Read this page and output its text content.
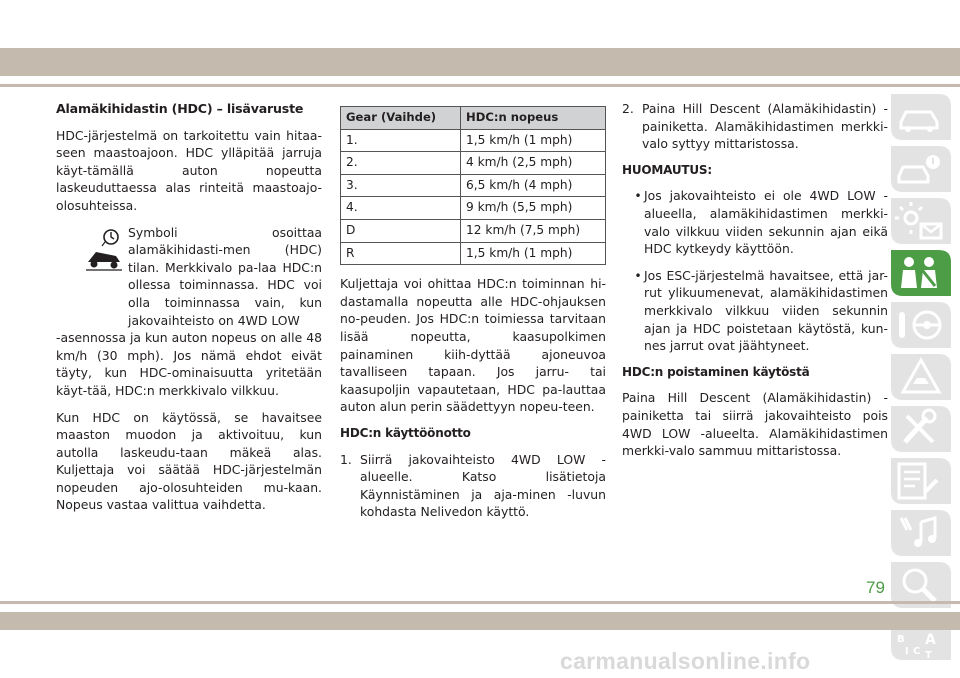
Alamäkihidastin (HDC) – lisävaruste

HDC-järjestelmä on tarkoitettu vain hitaa-seen maastoajoon. HDC ylläpitää jarruja käyt-tämällä auton nopeutta laskeuduttaessa alas rinteitä maastoajo-olosuhteissa.

Symboli osoittaa alamäkihidasti-men (HDC) tilan. Merkkivalo pa-laa HDC:n ollessa toiminnassa. HDC voi olla toiminnassa vain, kun jakovaihteisto on 4WD LOW

-asennossa ja kun auton nopeus on alle 48 km/h (30 mph). Jos nämä ehdot eivät täyty, kun HDC-ominaisuutta yritetään käyt-tää, HDC:n merkkivalo vilkkuu.

Kun HDC on käytössä, se havaitsee maaston muodon ja aktivoituu, kun autolla laskeudu-taan mäkeä alas. Kuljettaja voi säätää HDC-järjestelmän nopeuden ajo-olosuhteiden mu-kaan. Nopeus vastaa valittua vaihdetta.

Gear (Vaihde)	HDC:n nopeus
1.	1,5 km/h (1 mph)
2.	4 km/h (2,5 mph)
3.	6,5 km/h (4 mph)
4.	9 km/h (5,5 mph)
D	12 km/h (7,5 mph)
R	1,5 km/h (1 mph)

Kuljettaja voi ohittaa HDC:n toiminnan hi-dastamalla nopeutta alle HDC-ohjauksen no-peuden. Jos HDC:n toimiessa tarvitaan lisää nopeutta, kaasupolkimen painaminen kiih-dyttää ajoneuvoa tavalliseen tapaan. Jos jarru- tai kaasupoljin vapautetaan, HDC pa-lauttaa auton alun perin säädettyyn nopeu-teen.

HDC:n käyttöönotto
1. Siirrä jakovaihteisto 4WD LOW -alueelle. Katso lisätietoja Käynnistäminen ja aja-minen -luvun kohdasta Nelivedon käyttö.
2. Paina Hill Descent (Alamäkihidastin) -painiketta. Alamäkihidastimen merkki-valo syttyy mittaristossa.
HUOMAUTUS:
• Jos jakovaihteisto ei ole 4WD LOW -alueella, alamäkihidastimen merkki-valo vilkkuu viiden sekunnin ajan eikä HDC kytkeydy käyttöön.
• Jos ESC-järjestelmä havaitsee, että jar-rut ylikuumenevat, alamäkihidastimen merkkivalo vilkkuu viiden sekunnin ajan ja HDC poistetaan käytöstä, kun-nes jarrut ovat jäähtyneet.
HDC:n poistaminen käytöstä

Paina Hill Descent (Alamäkihidastin) -painiketta tai siirrä jakovaihteisto pois 4WD LOW -alueelta. Alamäkihidastimen merkki-valo sammuu mittaristossa.

B A
I C T
79
carmanualsonline.info
